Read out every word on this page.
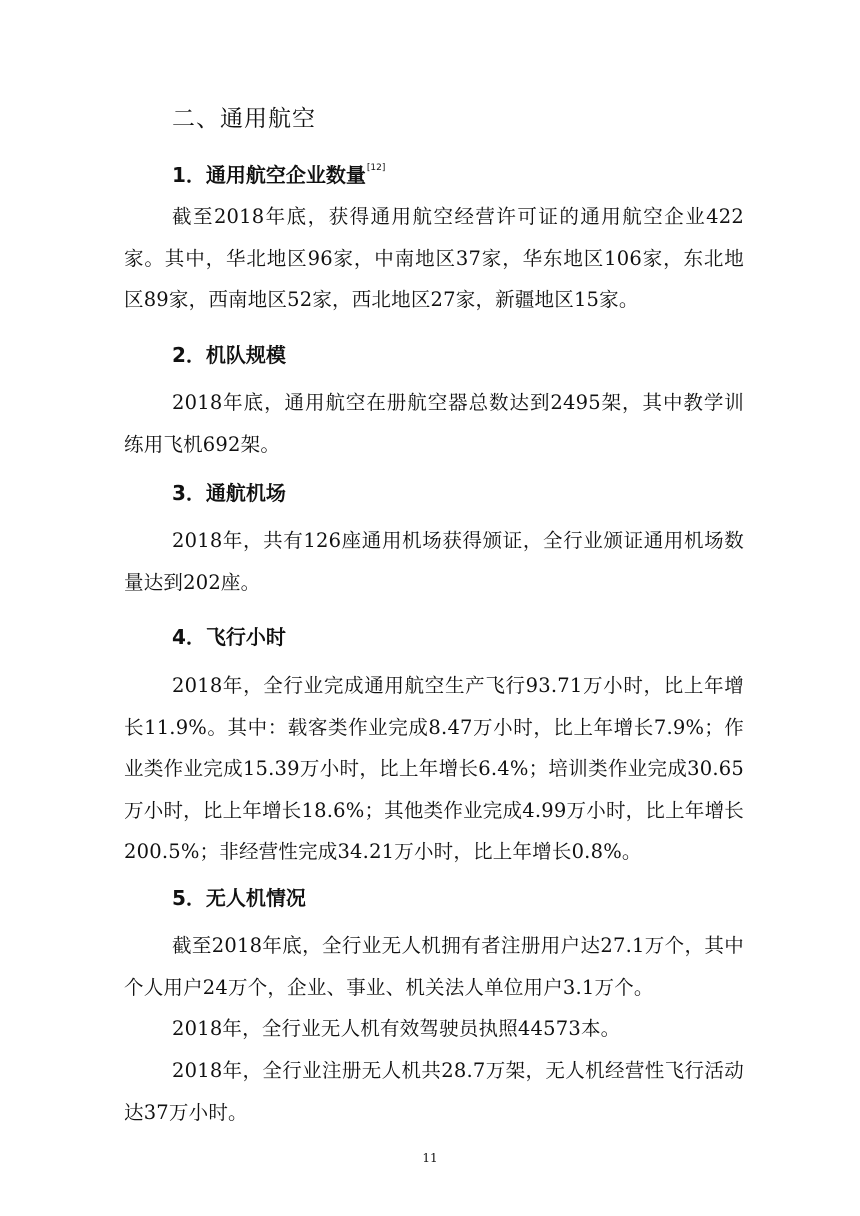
二、通用航空
1．通用航空企业数量[12]

截至2018年底，获得通用航空经营许可证的通用航空企业422家。其中，华北地区96家，中南地区37家，华东地区106家，东北地区89家，西南地区52家，西北地区27家，新疆地区15家。

2．机队规模

2018年底，通用航空在册航空器总数达到2495架，其中教学训练用飞机692架。

3．通航机场

2018年，共有126座通用机场获得颁证，全行业颁证通用机场数量达到202座。

4．飞行小时

2018年，全行业完成通用航空生产飞行93.71万小时，比上年增长11.9%。其中：载客类作业完成8.47万小时，比上年增长7.9%；作业类作业完成15.39万小时，比上年增长6.4%；培训类作业完成30.65万小时，比上年增长18.6%；其他类作业完成4.99万小时，比上年增长200.5%；非经营性完成34.21万小时，比上年增长0.8%。

5．无人机情况

截至2018年底，全行业无人机拥有者注册用户达27.1万个，其中个人用户24万个，企业、事业、机关法人单位用户3.1万个。

2018年，全行业无人机有效驾驶员执照44573本。

2018年，全行业注册无人机共28.7万架，无人机经营性飞行活动达37万小时。

11
